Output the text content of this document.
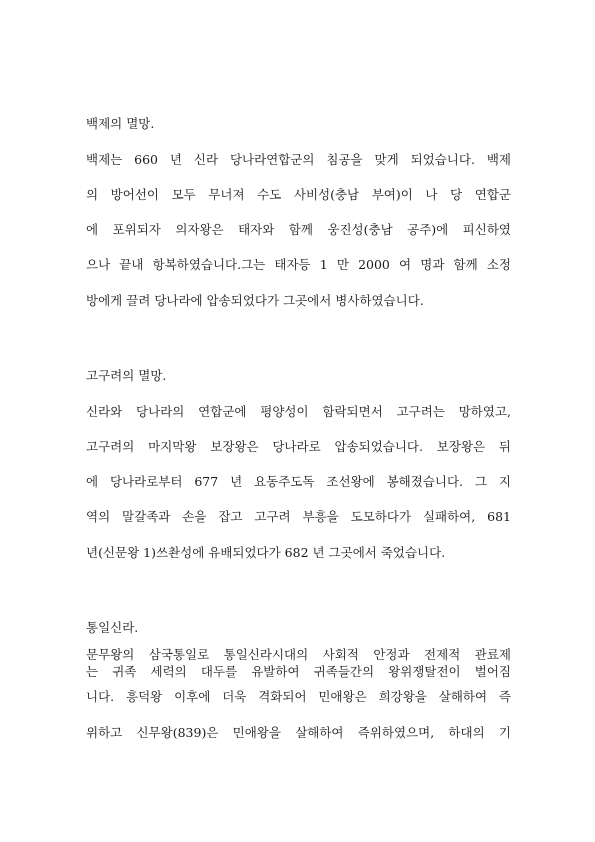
백제의 멸망.
백제는 660 년 신라 당나라연합군의 침공을 맞게 되었습니다. 백제
의 방어선이 모두 무너져 수도 사비성(충남 부여)이 나 당 연합군
에 포위되자 의자왕은 태자와 함께 웅진성(충남 공주)에 피신하였
으나 끝내 항복하였습니다.그는 태자등 1 만 2000 여 명과 함께 소정
방에게 끌려 당나라에 압송되었다가 그곳에서 병사하였습니다.
고구려의 멸망.
신라와 당나라의 연합군에 평양성이 함락되면서 고구려는 망하였고,
고구려의 마지막왕 보장왕은 당나라로 압송되었습니다. 보장왕은 뒤
에 당나라로부터 677 년 요동주도독 조선왕에 봉해졌습니다. 그 지
역의 말갈족과 손을 잡고 고구려 부흥을 도모하다가 실패하여, 681
년(신문왕 1)쓰촨성에 유배되었다가 682 년 그곳에서 죽었습니다.
통일신라.
문무왕의 삼국통일로 통일신라시대의 사회적 안정과 전제적 관료제
는 귀족 세력의 대두를 유발하여 귀족들간의 왕위쟁탈전이 벌어짐
니다. 흥덕왕 이후에 더욱 격화되어 민애왕은 희강왕을 살해하여 즉
위하고 신무왕(839)은 민애왕을 살해하여 즉위하였으며, 하대의 기
